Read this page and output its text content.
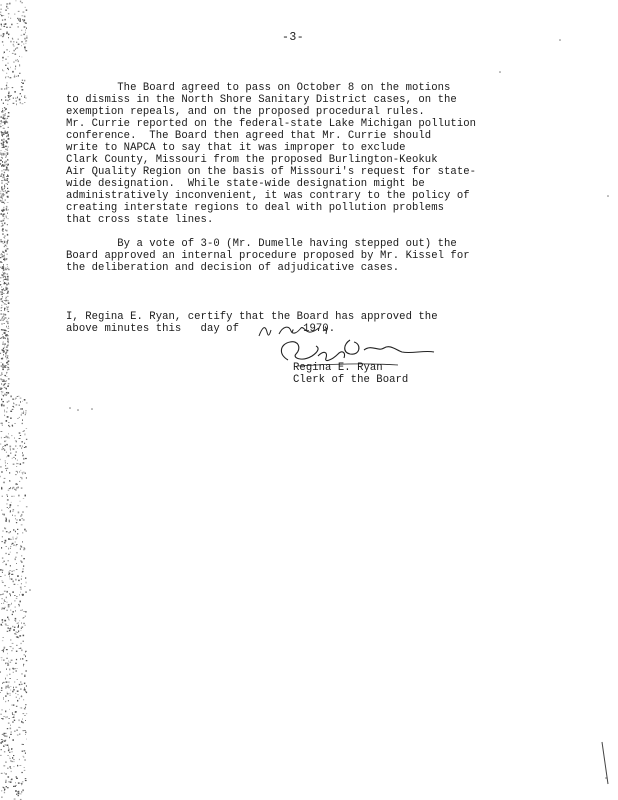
-3-
The Board agreed to pass on October 8 on the motions
to dismiss in the North Shore Sanitary District cases, on the
exemption repeals, and on the proposed procedural rules.
Mr. Currie reported on the federal-state Lake Michigan pollution
conference.  The Board then agreed that Mr. Currie should
write to NAPCA to say that it was improper to exclude
Clark County, Missouri from the proposed Burlington-Keokuk
Air Quality Region on the basis of Missouri's request for state-
wide designation.  While state-wide designation might be
administratively inconvenient, it was contrary to the policy of
creating interstate regions to deal with pollution problems
that cross state lines.
By a vote of 3-0 (Mr. Dumelle having stepped out) the
Board approved an internal procedure proposed by Mr. Kissel for
the deliberation and decision of adjudicative cases.
I, Regina E. Ryan, certify that the Board has approved the
above minutes this   day of        , 1970.
Regina E. Ryan
Clerk of the Board
